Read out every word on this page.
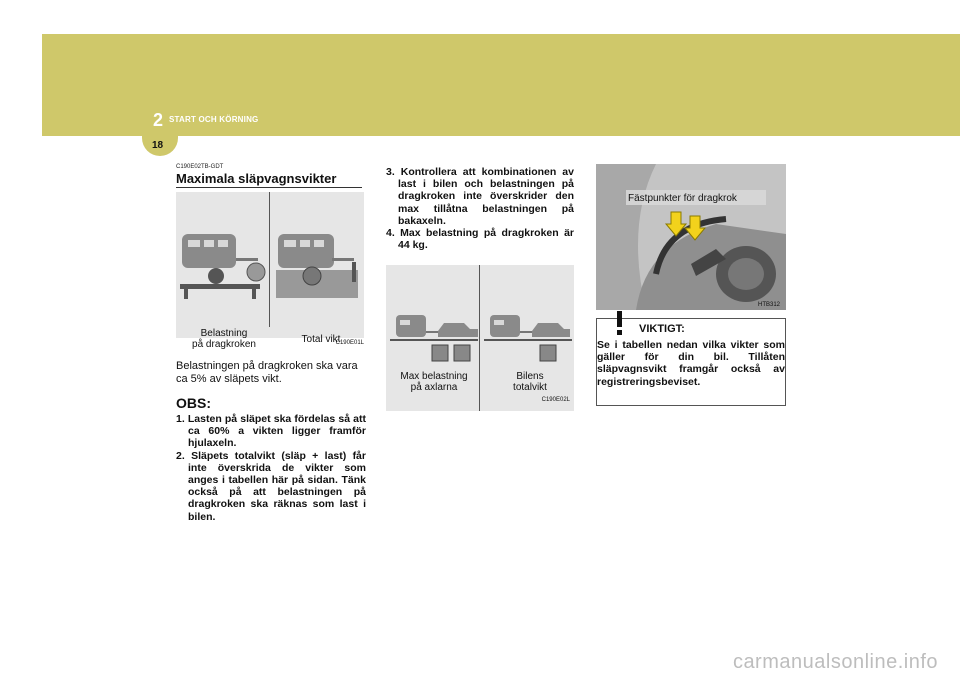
2 START OCH KÖRNING
18
C190E02TB-GDT
Maximala släpvagnsvikter
Belastning
på dragkroken	Total vikt
C190E01L
Belastningen på dragkroken ska vara ca 5% av släpets vikt.
OBS:
1. Lasten på släpet ska fördelas så att ca 60% a vikten ligger framför hjulaxeln.
2. Släpets totalvikt (släp + last) får inte överskrida de vikter som anges i tabellen här på sidan. Tänk också på att belastningen på dragkroken ska räknas som last i bilen.
3. Kontrollera att kombinationen av last i bilen och belastningen på dragkroken inte överskrider den max tillåtna belastningen på bakaxeln.
4. Max belastning på dragkroken är 44 kg.
Max belastning
på axlarna
Bilens
totalvikt
C190E02L
Fästpunkter för dragkrok
HTB312
VIKTIGT:
Se i tabellen nedan vilka vikter som gäller för din bil. Tillåten släpvagnsvikt framgår också av registreringsbeviset.
carmanualsonline.info
